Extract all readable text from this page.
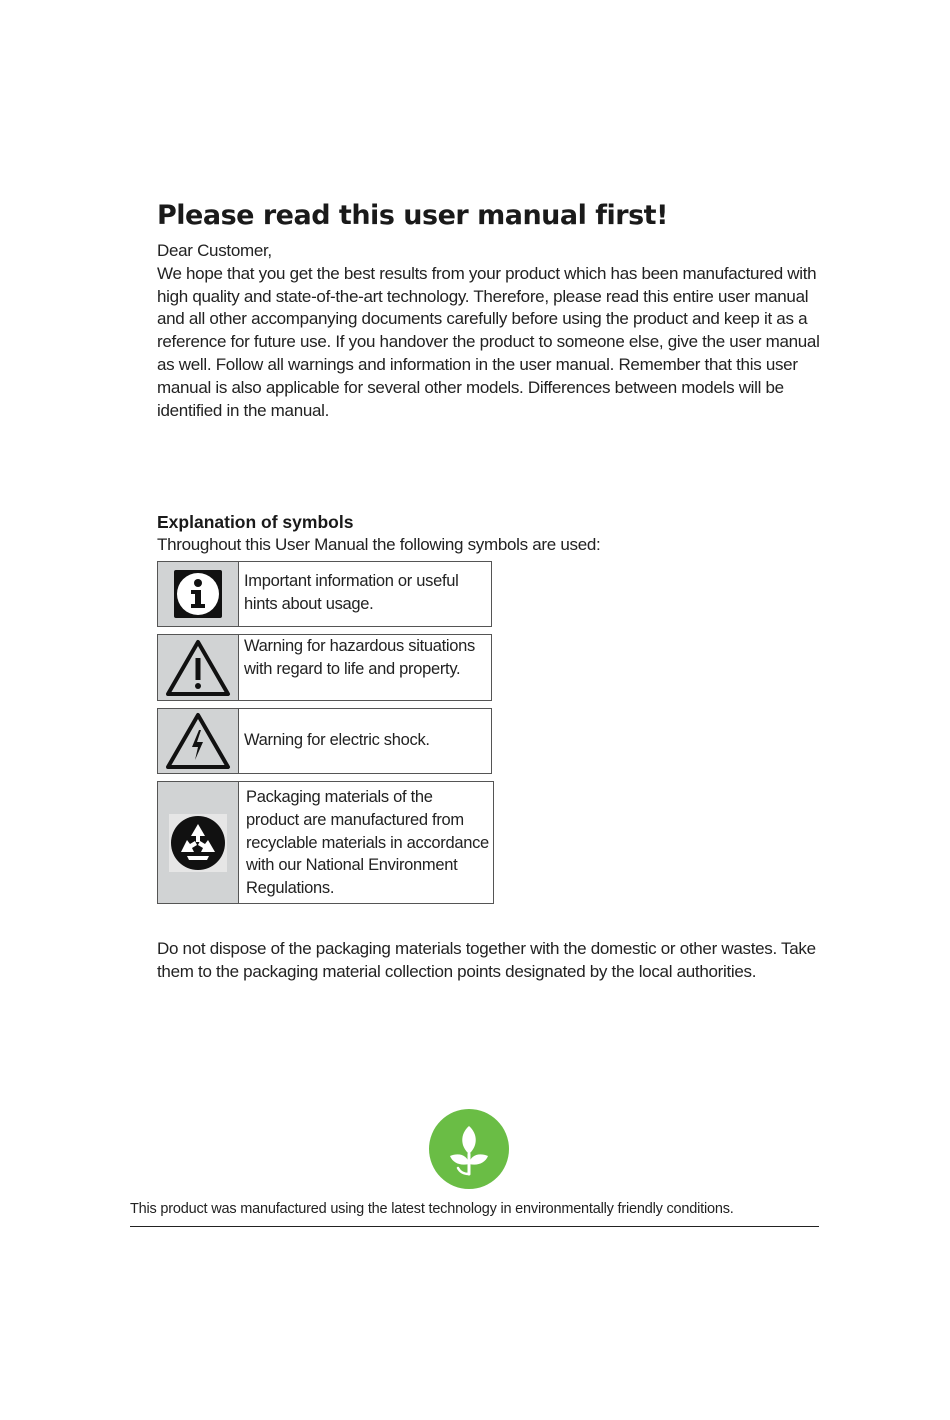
Please read this user manual first!

Dear Customer,

We hope that you get the best results from your product which has been manufactured with high quality and state-of-the-art technology. Therefore, please read this entire user manual and all other accompanying documents carefully before using the product and keep it as a reference for future use. If you handover the product to someone else, give the user manual as well. Follow all warnings and information in the user manual. Remember that this user manual is also applicable for several other models. Differences between models will be identified in the manual.

Explanation of symbols

Throughout this User Manual the following symbols are used:

Important information or useful hints about usage.
Warning for hazardous situations with regard to life and property.
Warning for electric shock.
Packaging materials of the product are manufactured from recyclable materials in accordance with our National Environment Regulations.

Do not dispose of the packaging materials together with the domestic or other wastes. Take them to the packaging material collection points designated by the local authorities.

This product was manufactured using the latest technology in environmentally friendly conditions.
